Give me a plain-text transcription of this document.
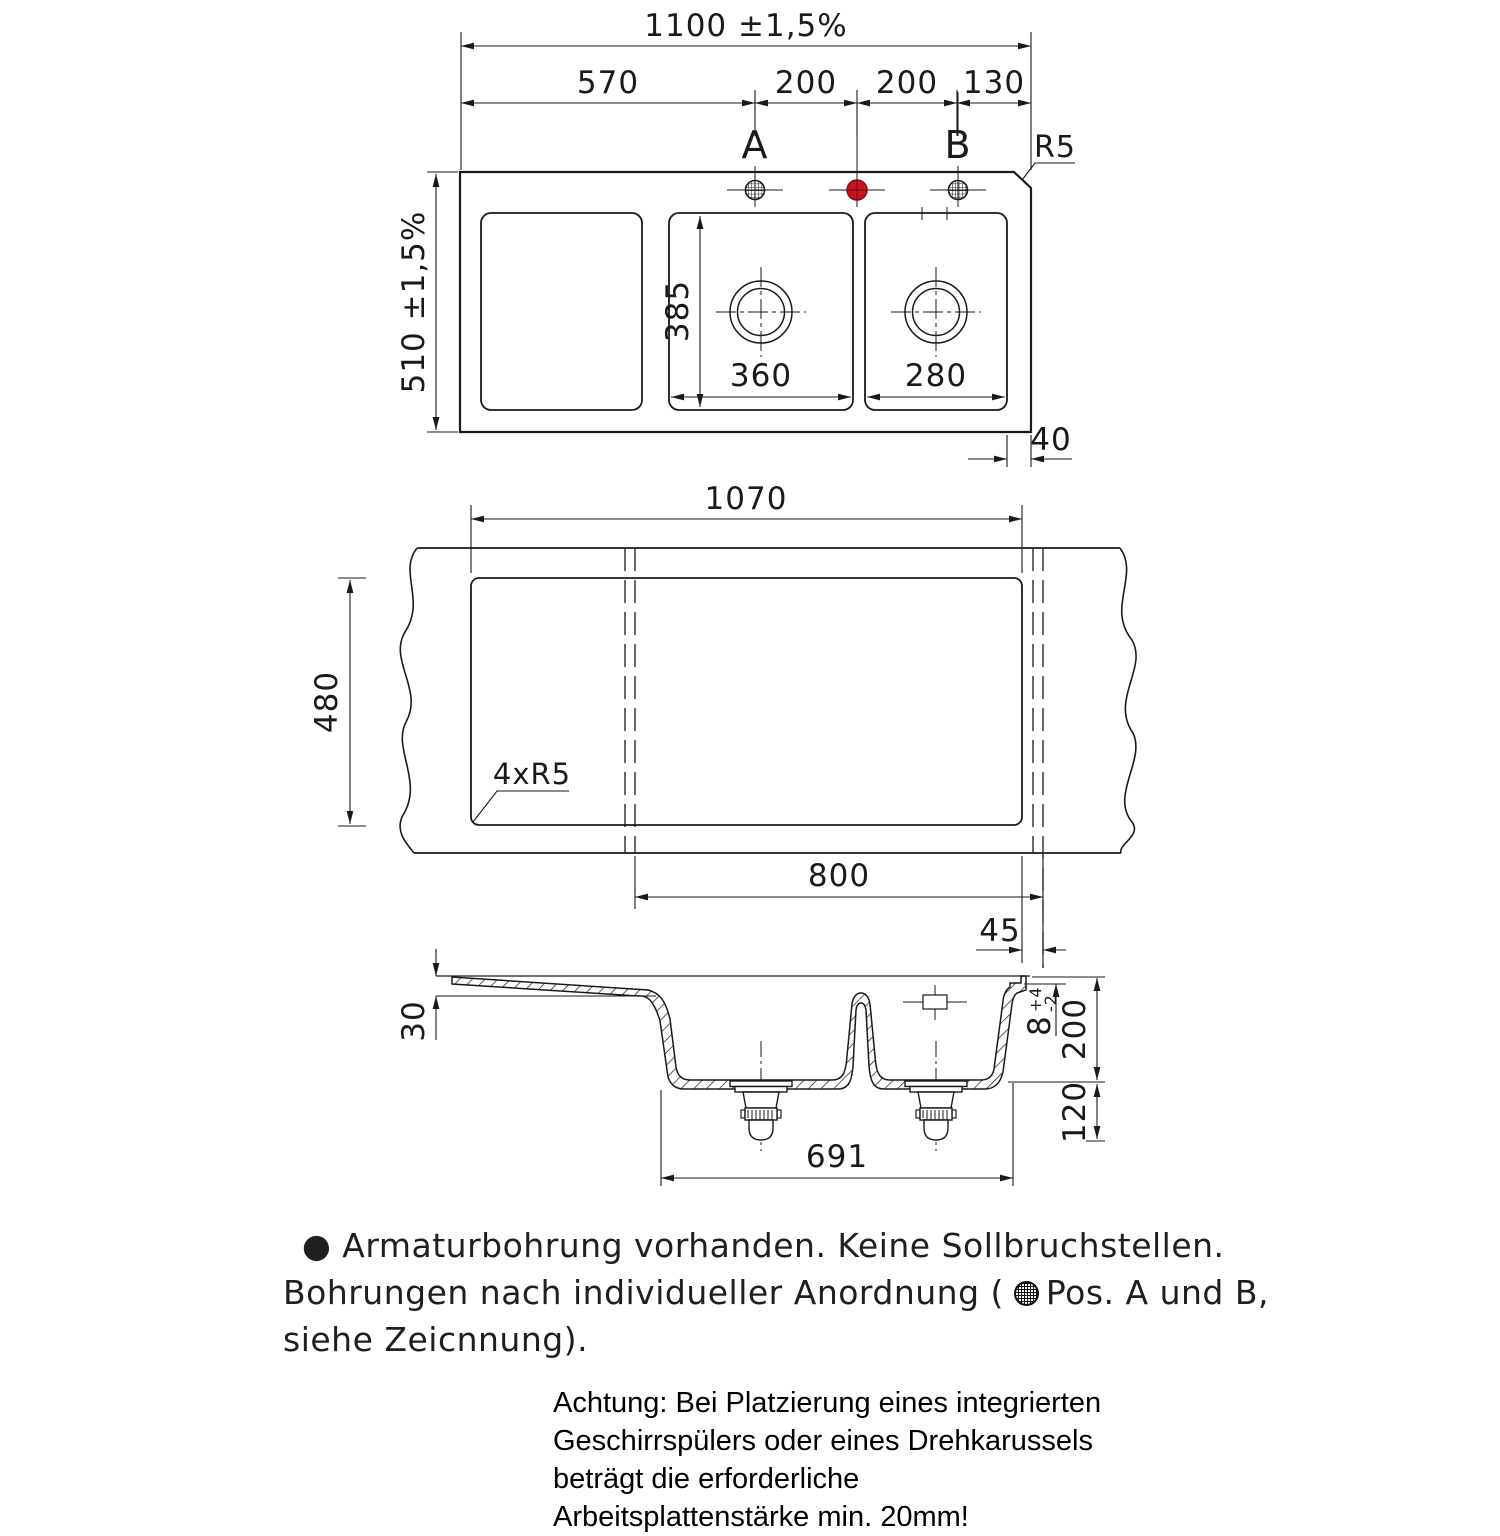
A	B R5
1100 ±1,5%
570	200 200 130
510 ±1,5%	385
360	280
40
1070
480
4xR5
800
45
30	8
+4
-2
200
120
691
● Armaturbohrung vorhanden. Keine Sollbruchstellen.
Bohrungen nach individueller Anordnung ( Pos. A und B,
siehe Zeicnnung).
Achtung: Bei Platzierung eines integrierten
Geschirrspülers oder eines Drehkarussels
beträgt die erforderliche
Arbeitsplattenstärke min. 20mm!
